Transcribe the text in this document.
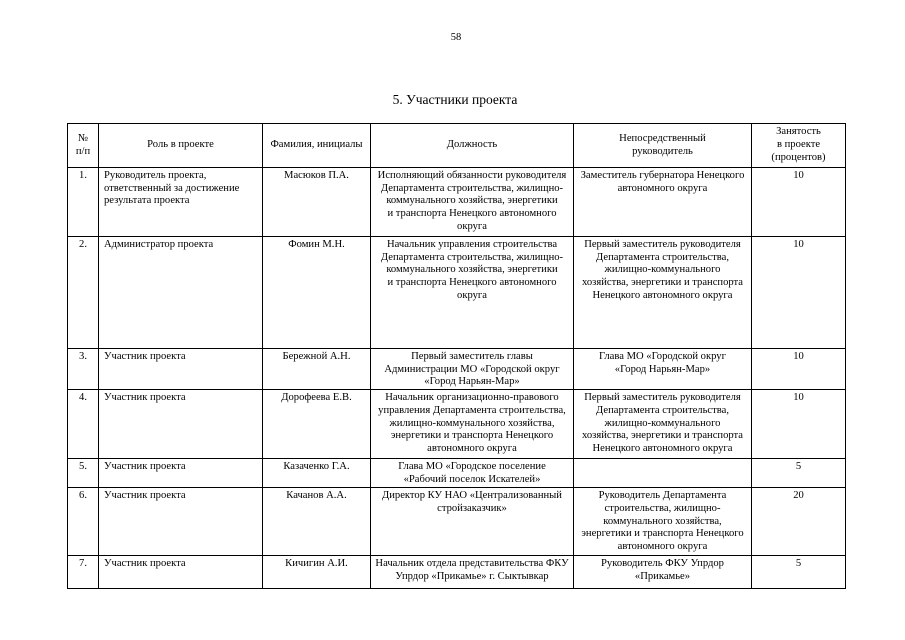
58
5. Участники проекта
№
п/п	Роль в проекте	Фамилия, инициалы	Должность	Непосредственный
руководитель	Занятость
в проекте
(процентов)
1.	Руководитель проекта,
ответственный за достижение
результата проекта	Масюков П.А.	Исполняющий обязанности руководителя
Департамента строительства, жилищно-
коммунального хозяйства, энергетики
и транспорта Ненецкого автономного
округа	Заместитель губернатора Ненецкого
автономного округа	10
2.	Администратор проекта	Фомин М.Н.	Начальник управления строительства
Департамента строительства, жилищно-
коммунального хозяйства, энергетики
и транспорта Ненецкого автономного
округа	Первый заместитель руководителя
Департамента строительства,
жилищно-коммунального
хозяйства, энергетики и транспорта
Ненецкого автономного округа	10
3.	Участник проекта	Бережной А.Н.	Первый заместитель главы
Администрации МО «Городской округ
«Город Нарьян-Мар»	Глава МО «Городской округ
«Город Нарьян-Мар»	10
4.	Участник проекта	Дорофеева Е.В.	Начальник организационно-правового
управления Департамента строительства,
жилищно-коммунального хозяйства,
энергетики и транспорта Ненецкого
автономного округа	Первый заместитель руководителя
Департамента строительства,
жилищно-коммунального
хозяйства, энергетики и транспорта
Ненецкого автономного округа	10
5.	Участник проекта	Казаченко Г.А.	Глава МО «Городское поселение
«Рабочий поселок Искателей»		5
6.	Участник проекта	Качанов А.А.	Директор КУ НАО «Централизованный
стройзаказчик»	Руководитель Департамента
строительства, жилищно-
коммунального хозяйства,
энергетики и транспорта Ненецкого
автономного округа	20
7.	Участник проекта	Кичигин А.И.	Начальник отдела представительства ФКУ
Упрдор «Прикамье» г. Сыктывкар	Руководитель ФКУ Упрдор
«Прикамье»	5
